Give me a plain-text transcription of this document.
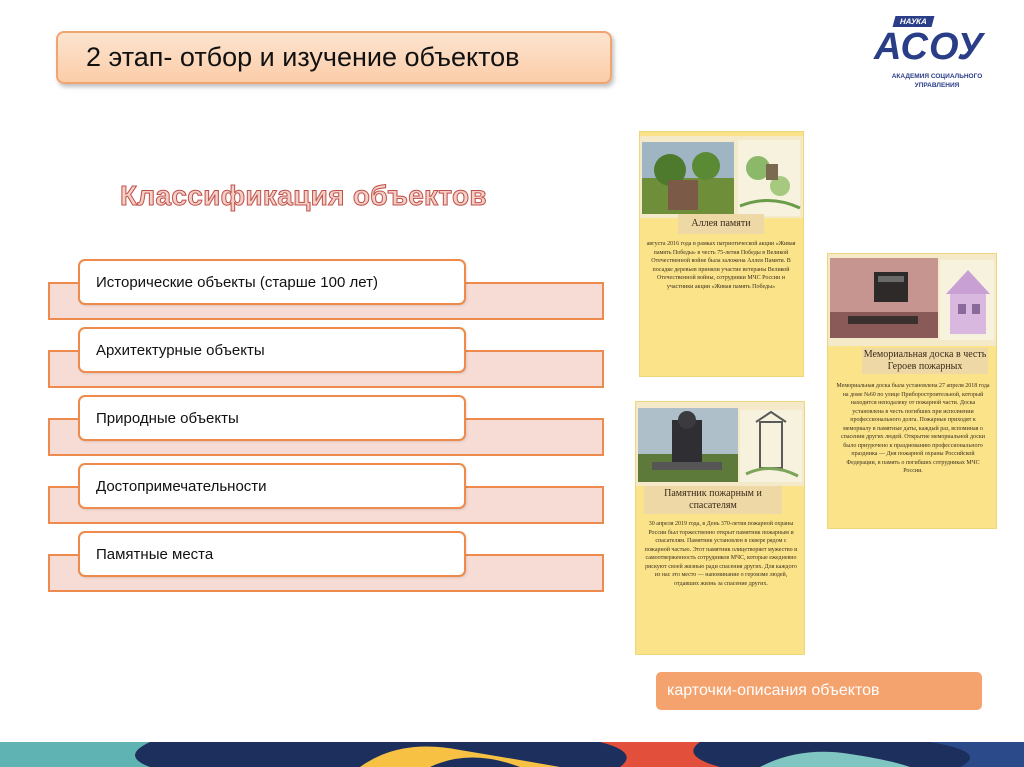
2 этап- отбор и изучение объектов
НАУКА
АСОУ
АКАДЕМИЯ СОЦИАЛЬНОГО
УПРАВЛЕНИЯ
Классификация объектов
Исторические объекты (старше 100 лет)
Архитектурные объекты
Природные объекты
Достопримечательности
Памятные места
Аллея памяти
августа 2016 года в рамках патриотической акции «Живая память Победы» в честь 75-летия Победы в Великой Отечественной войне была заложена Аллея Памяти. В посадке деревьев приняли участие ветераны Великой Отечественной войны, сотрудники МЧС России и участники акции «Живая память Победы»
Мемориальная доска в честь Героев пожарных
Мемориальная доска была установлена 27 апреля 2018 года на доме №60 по улице Приборостроительной, который находится неподалеку от пожарной части. Доска установлена в честь погибших при исполнении профессионального долга. Пожарные приходят к мемориалу в памятные даты, каждый раз, вспоминая о спасении других людей. Открытие мемориальной доски было приурочено к празднованию профессионального праздника — Дня пожарной охраны Российской Федерации, в память о погибших сотрудниках МЧС России.
Памятник пожарным и спасателям
30 апреля 2019 года, в День 370-летия пожарной охраны России был торжественно открыт памятник пожарным и спасателям. Памятник установлен в сквере рядом с пожарной частью. Этот памятник олицетворяет мужество и самоотверженность сотрудников МЧС, которые ежедневно рискуют своей жизнью ради спасения других. Для каждого из нас это место — напоминание о героизме людей, отдавших жизнь за спасение других.
карточки-описания объектов
